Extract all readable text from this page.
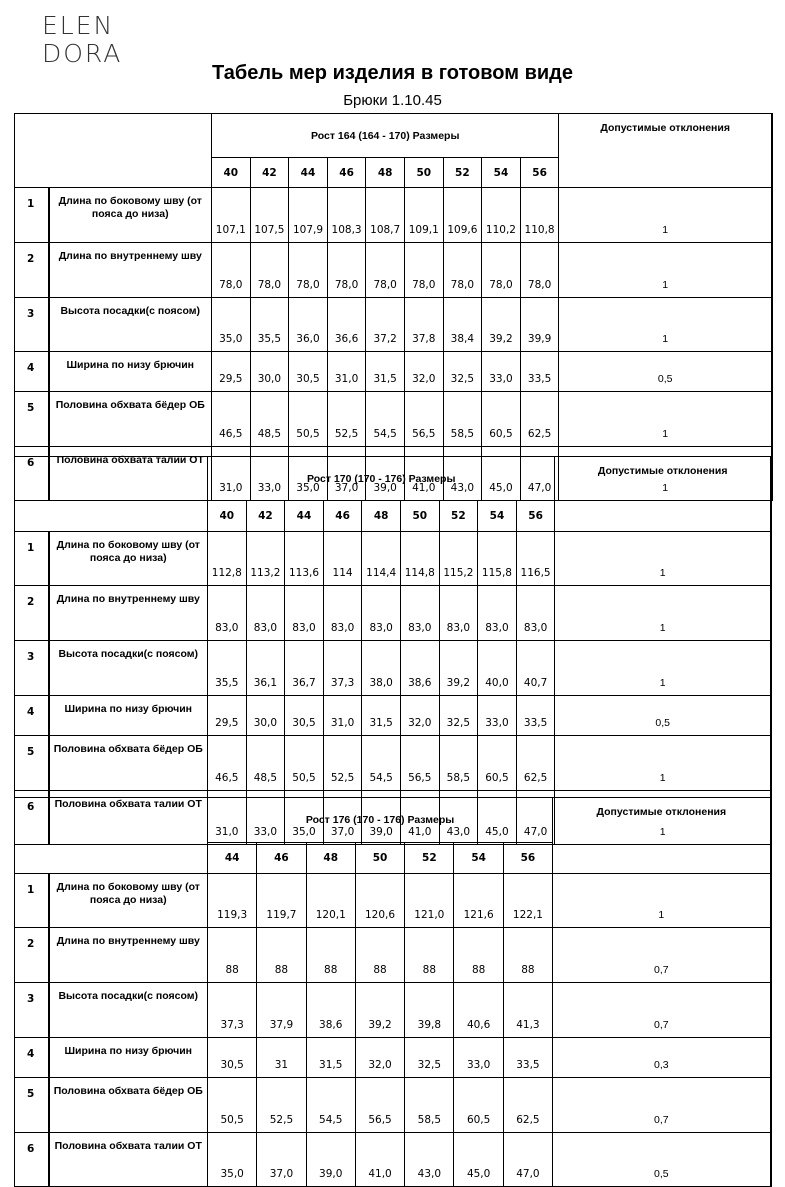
ELEN
DORA
Табель мер изделия в готовом виде
Брюки 1.10.45
		Рост 164 (164 - 170) Размеры									Допустимые отклонения
		40	42	44	46	48	50	52	54	56	
1	Длина по боковому шву (от пояса до низа)	107,1	107,5	107,9	108,3	108,7	109,1	109,6	110,2	110,8	1
2	Длина по внутреннему шву	78,0	78,0	78,0	78,0	78,0	78,0	78,0	78,0	78,0	1
3	Высота посадки(с поясом)	35,0	35,5	36,0	36,6	37,2	37,8	38,4	39,2	39,9	1
4	Ширина по низу брючин	29,5	30,0	30,5	31,0	31,5	32,0	32,5	33,0	33,5	0,5
5	Половина обхвата бёдер ОБ	46,5	48,5	50,5	52,5	54,5	56,5	58,5	60,5	62,5	1
6	Половина обхвата талии ОТ	31,0	33,0	35,0	37,0	39,0	41,0	43,0	45,0	47,0	1
		Рост 170 (170 - 176) Размеры									Допустимые отклонения
		40	42	44	46	48	50	52	54	56	
1	Длина по боковому шву (от пояса до низа)	112,8	113,2	113,6	114	114,4	114,8	115,2	115,8	116,5	1
2	Длина по внутреннему шву	83,0	83,0	83,0	83,0	83,0	83,0	83,0	83,0	83,0	1
3	Высота посадки(с поясом)	35,5	36,1	36,7	37,3	38,0	38,6	39,2	40,0	40,7	1
4	Ширина по низу брючин	29,5	30,0	30,5	31,0	31,5	32,0	32,5	33,0	33,5	0,5
5	Половина обхвата бёдер ОБ	46,5	48,5	50,5	52,5	54,5	56,5	58,5	60,5	62,5	1
6	Половина обхвата талии ОТ	31,0	33,0	35,0	37,0	39,0	41,0	43,0	45,0	47,0	1
		Рост 176 (170 - 176) Размеры							Допустимые отклонения
		44	46	48	50	52	54	56	
1	Длина по боковому шву (от пояса до низа)	119,3	119,7	120,1	120,6	121,0	121,6	122,1	1
2	Длина по внутреннему шву	88	88	88	88	88	88	88	0,7
3	Высота посадки(с поясом)	37,3	37,9	38,6	39,2	39,8	40,6	41,3	0,7
4	Ширина по низу брючин	30,5	31	31,5	32,0	32,5	33,0	33,5	0,3
5	Половина обхвата бёдер ОБ	50,5	52,5	54,5	56,5	58,5	60,5	62,5	0,7
6	Половина обхвата талии ОТ	35,0	37,0	39,0	41,0	43,0	45,0	47,0	0,5
